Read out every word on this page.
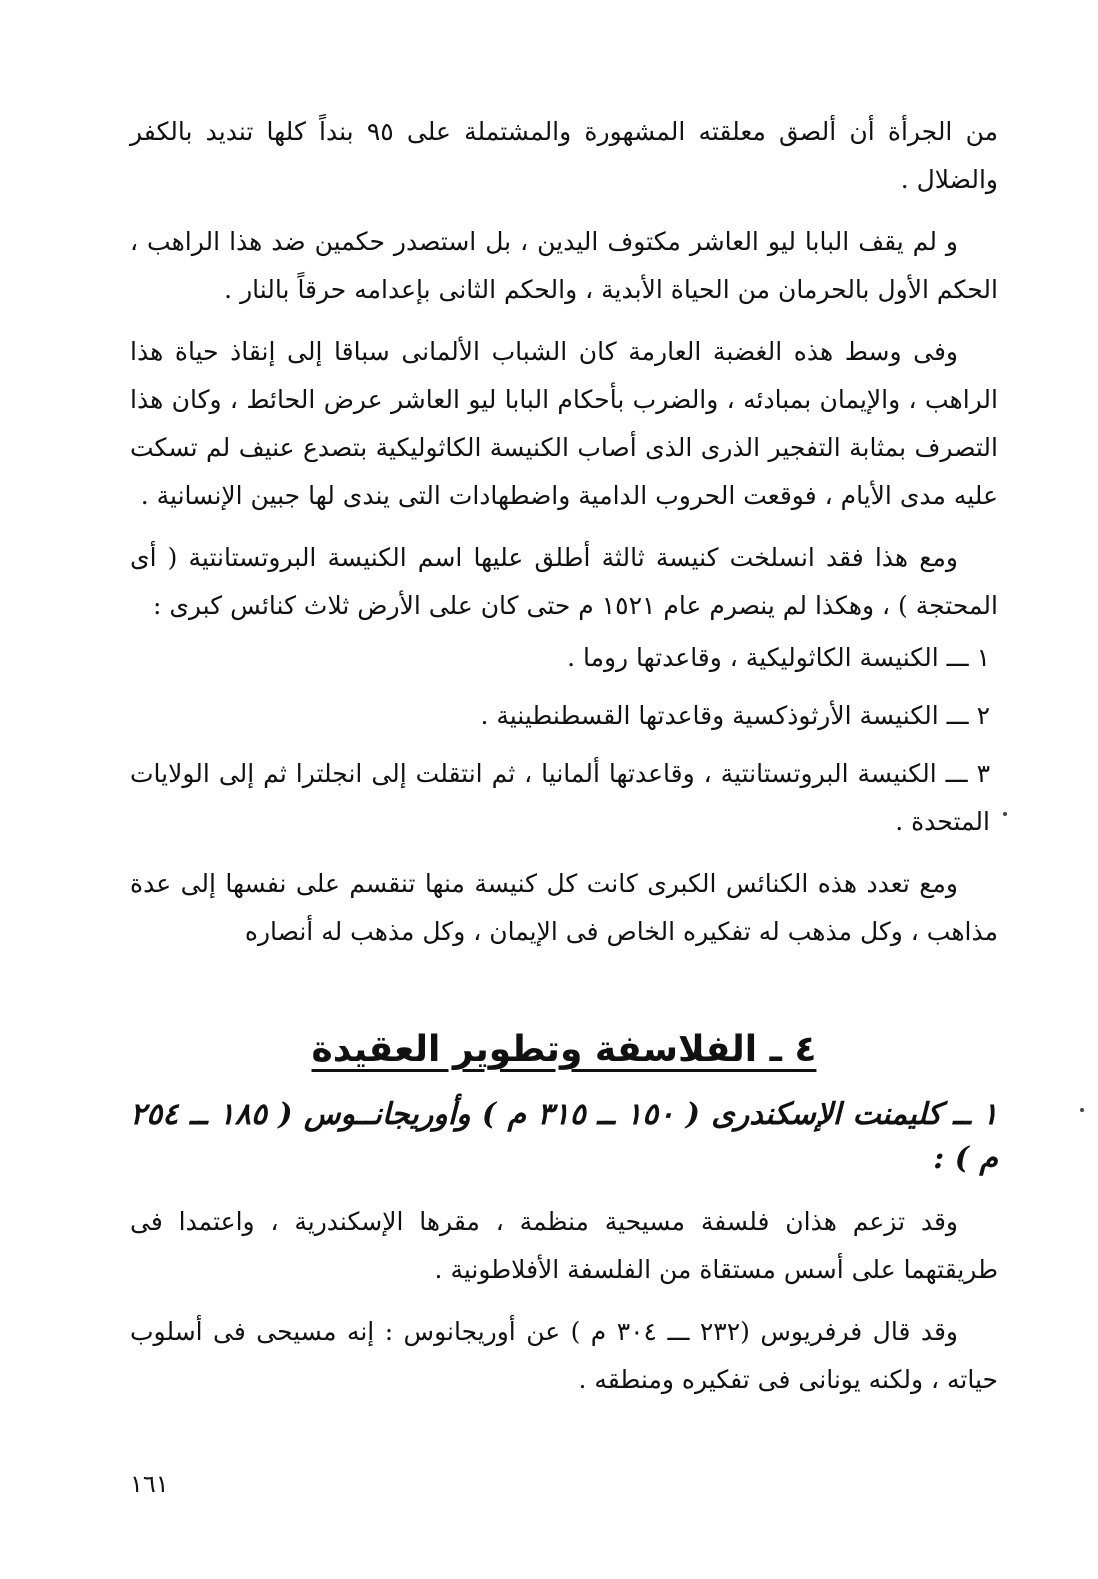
من الجرأة أن ألصق معلقته المشهورة والمشتملة على ٩٥ بنداً كلها تنديد بالكفر والضلال .

و لم يقف البابا ليو العاشر مكتوف اليدين ، بل استصدر حكمين ضد هذا الراهب ، الحكم الأول بالحرمان من الحياة الأبدية ، والحكم الثانى بإعدامه حرقاً بالنار .

وفى وسط هذه الغضبة العارمة كان الشباب الألمانى سباقا إلى إنقاذ حياة هذا الراهب ، والإيمان بمبادئه ، والضرب بأحكام البابا ليو العاشر عرض الحائط ، وكان هذا التصرف بمثابة التفجير الذرى الذى أصاب الكنيسة الكاثوليكية بتصدع عنيف لم تسكت عليه مدى الأيام ، فوقعت الحروب الدامية واضطهادات التى يندى لها جبين الإنسانية .

ومع هذا فقد انسلخت كنيسة ثالثة أطلق عليها اسم الكنيسة البروتستانتية ( أى المحتجة ) ، وهكذا لم ينصرم عام ١٥٢١ م حتى كان على الأرض ثلاث كنائس كبرى :

١ ـــ الكنيسة الكاثوليكية ، وقاعدتها روما .

٢ ـــ الكنيسة الأرثوذكسية وقاعدتها القسطنطينية .

٣ ـــ الكنيسة البروتستانتية ، وقاعدتها ألمانيا ، ثم انتقلت إلى انجلترا ثم إلى الولايات المتحدة .

ومع تعدد هذه الكنائس الكبرى كانت كل كنيسة منها تنقسم على نفسها إلى عدة مذاهب ، وكل مذهب له تفكيره الخاص فى الإيمان ، وكل مذهب له أنصاره

٤ ـ الفلاسفة وتطوير العقيدة
١ ــ كليمنت الإسكندرى ( ١٥٠ ــ ٣١٥ م ) وأوريجانــوس ( ١٨٥ ــ ٢٥٤ م ) :

وقد تزعم هذان فلسفة مسيحية منظمة ، مقرها الإسكندرية ، واعتمدا فى طريقتهما على أسس مستقاة من الفلسفة الأفلاطونية .

وقد قال فرفريوس (٢٣٢ ـــ ٣٠٤ م ) عن أوريجانوس : إنه مسيحى فى أسلوب حياته ، ولكنه يونانى فى تفكيره ومنطقه .

١٦١
